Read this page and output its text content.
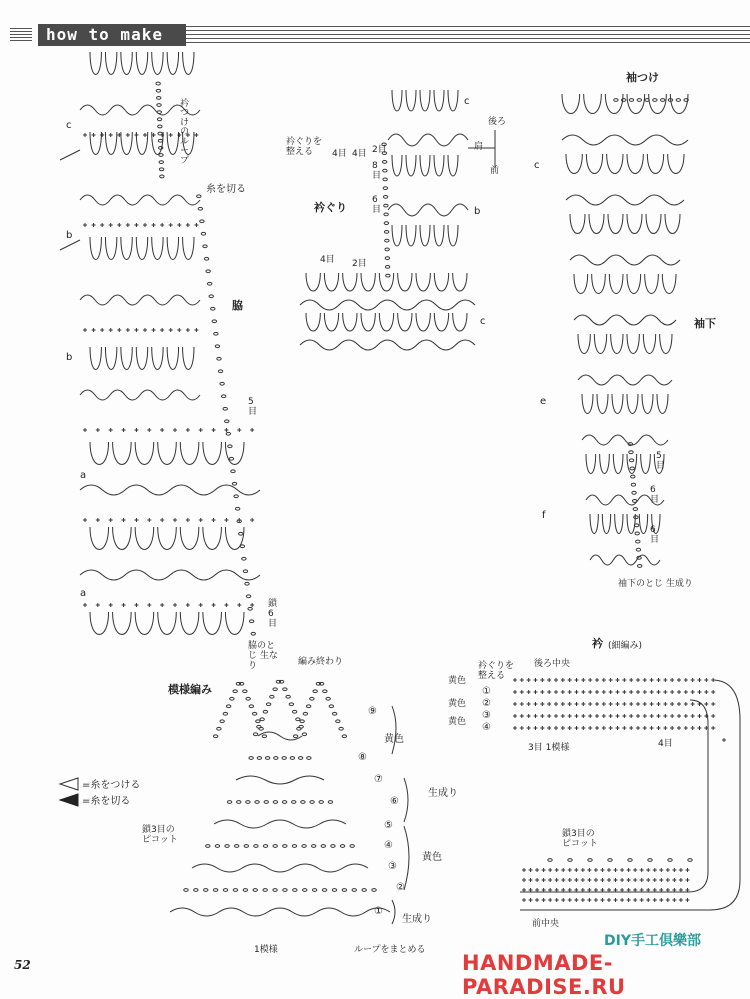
how to make
c
衿つけのループ
糸を切る
b
b
脇
5目
a
a
鎖6目
脇のとじ 生なり
衿ぐりを 整える	4目 4目 2目
8目
6目
衿ぐり
4目 2目
c
b
c
後ろ
肩
前
袖つけ
c
袖下
e
f
5目
6目
6目
袖下のとじ 生成り
模様編み
編み終わり
⑨
⑧
⑦
⑥
⑤
④
③
②
①
黄色
生成り
黄色
生成り
鎖3目の ピコット
1模様	ループをまとめる
=糸をつける
=糸を切る
衿 (細編み)
衿ぐりを 整える
後ろ中央
黄色
①
②
黄色
③
④
黄色
3目 1模様	4目
鎖3目の ピコット
前中央
52
DIY手工倶樂部
HANDMADE-PARADISE.RU
